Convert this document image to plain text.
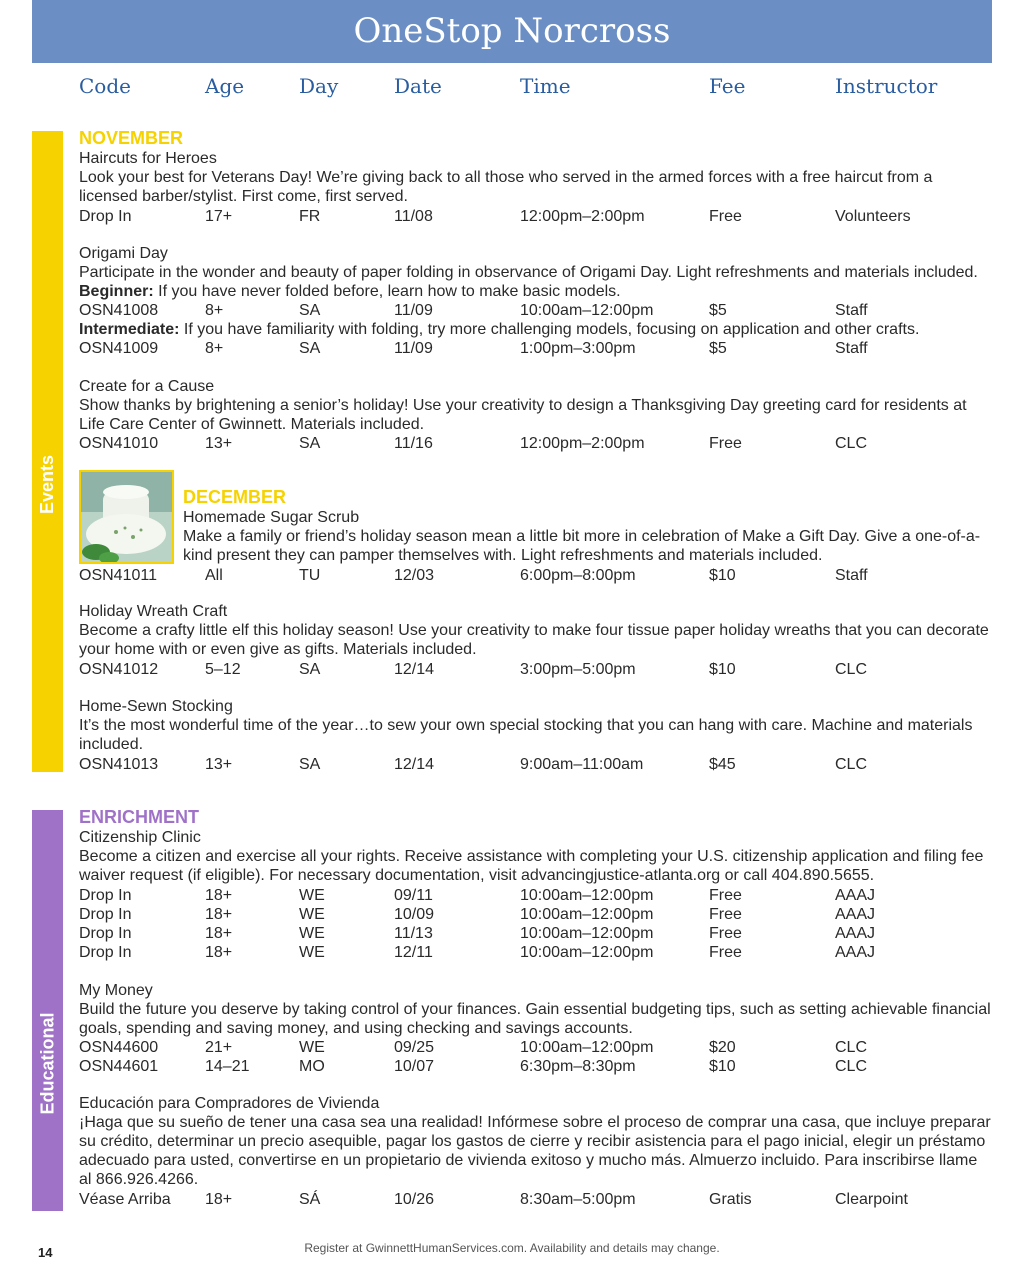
OneStop Norcross
Code	Age	Day	Date	Time	Fee	Instructor
Events
Educational
NOVEMBER
Haircuts for Heroes
Look your best for Veterans Day! We’re giving back to all those who served in the armed forces with a free haircut from a licensed barber/stylist. First come, first served.
Drop In	17+	FR	11/08	12:00pm–2:00pm	Free	Volunteers
Origami Day
Participate in the wonder and beauty of paper folding in observance of Origami Day. Light refreshments and materials included.
Beginner: If you have never folded before, learn how to make basic models.
OSN41008	8+	SA	11/09	10:00am–12:00pm	$5	Staff
Intermediate: If you have familiarity with folding, try more challenging models, focusing on application and other crafts.
OSN41009	8+	SA	11/09	1:00pm–3:00pm	$5	Staff
Create for a Cause
Show thanks by brightening a senior’s holiday! Use your creativity to design a Thanksgiving Day greeting card for residents at Life Care Center of Gwinnett. Materials included.
OSN41010	13+	SA	11/16	12:00pm–2:00pm	Free	CLC
DECEMBER
Homemade Sugar Scrub
Make a family or friend’s holiday season mean a little bit more in celebration of Make a Gift Day. Give a one-of-a-kind present they can pamper themselves with. Light refreshments and materials included.
OSN41011	All	TU	12/03	6:00pm–8:00pm	$10	Staff
Holiday Wreath Craft
Become a crafty little elf this holiday season! Use your creativity to make four tissue paper holiday wreaths that you can decorate your home with or even give as gifts. Materials included.
OSN41012	5–12	SA	12/14	3:00pm–5:00pm	$10	CLC
Home-Sewn Stocking
It’s the most wonderful time of the year…to sew your own special stocking that you can hang with care. Machine and materials included.
OSN41013	13+	SA	12/14	9:00am–11:00am	$45	CLC
ENRICHMENT
Citizenship Clinic
Become a citizen and exercise all your rights. Receive assistance with completing your U.S. citizenship application and filing fee waiver request (if eligible). For necessary documentation, visit advancingjustice-atlanta.org or call 404.890.5655.
Drop In	18+	WE	09/11	10:00am–12:00pm	Free	AAAJ
Drop In	18+	WE	10/09	10:00am–12:00pm	Free	AAAJ
Drop In	18+	WE	11/13	10:00am–12:00pm	Free	AAAJ
Drop In	18+	WE	12/11	10:00am–12:00pm	Free	AAAJ
My Money
Build the future you deserve by taking control of your finances. Gain essential budgeting tips, such as setting achievable financial goals, spending and saving money, and using checking and savings accounts.
OSN44600	21+	WE	09/25	10:00am–12:00pm	$20	CLC
OSN44601	14–21	MO	10/07	6:30pm–8:30pm	$10	CLC
Educación para Compradores de Vivienda
¡Haga que su sueño de tener una casa sea una realidad! Infórmese sobre el proceso de comprar una casa, que incluye preparar su crédito, determinar un precio asequible, pagar los gastos de cierre y recibir asistencia para el pago inicial, elegir un préstamo adecuado para usted, convertirse en un propietario de vivienda exitoso y mucho más. Almuerzo incluido. Para inscribirse llame al 866.926.4266.
Véase Arriba 18+	SÁ	10/26	8:30am–5:00pm	Gratis	Clearpoint
14	Register at GwinnettHumanServices.com. Availability and details may change.
